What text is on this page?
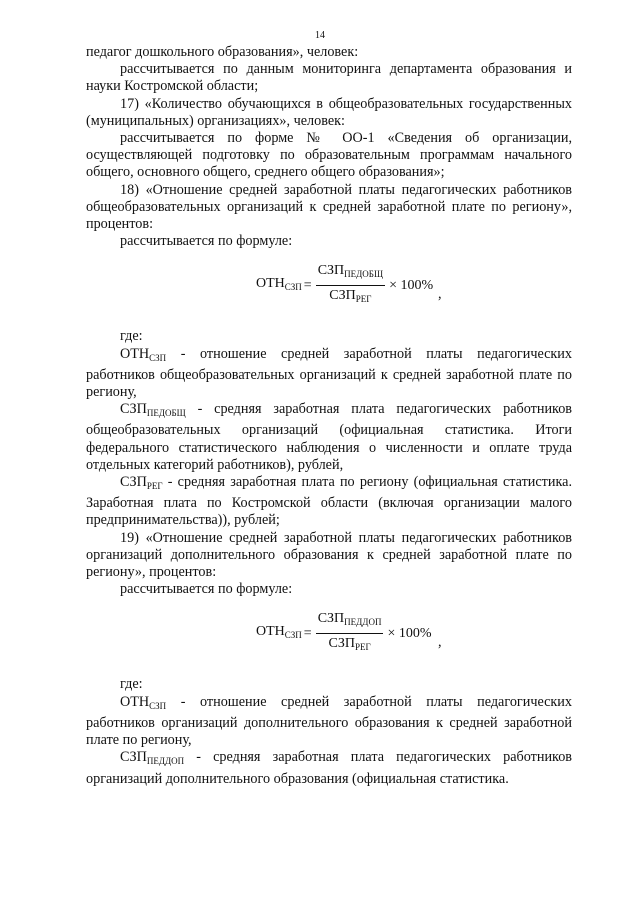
14

педагог дошкольного образования», человек:

рассчитывается по данным мониторинга департамента образования и науки Костромской области;

17) «Количество обучающихся в общеобразовательных государственных (муниципальных) организациях», человек:

рассчитывается по форме № ОО-1 «Сведения об организации, осуществляющей подготовку по образовательным программам начального общего, основного общего, среднего общего образования»;

18) «Отношение средней заработной платы педагогических работников общеобразовательных организаций к средней заработной плате по региону», процентов:

рассчитывается по формуле:

$ОТН_{СЗП} = \frac{СЗП_{ПЕДОБЩ}}{СЗП_{РЕГ}} \times 100\%$
,

где:

$ОТН_{СЗП}$ - отношение средней заработной платы педагогических работников общеобразовательных организаций к средней заработной плате по региону,

$СЗП_{ПЕДОБЩ}$ - средняя заработная плата педагогических работников общеобразовательных организаций (официальная статистика. Итоги федерального статистического наблюдения о численности и оплате труда отдельных категорий работников), рублей,

$СЗП_{РЕГ}$ - средняя заработная плата по региону (официальная статистика. Заработная плата по Костромской области (включая организации малого предпринимательства)), рублей;

19) «Отношение средней заработной платы педагогических работников организаций дополнительного образования к средней заработной плате по региону», процентов:

рассчитывается по формуле:

$ОТН_{СЗП} = \frac{СЗП_{ПЕДДОП}}{СЗП_{РЕГ}} \times 100\%$
,

где:

$ОТН_{СЗП}$ - отношение средней заработной платы педагогических работников организаций дополнительного образования к средней заработной плате по региону,

$СЗП_{ПЕДДОП}$ - средняя заработная плата педагогических работников организаций дополнительного образования (официальная статистика.
